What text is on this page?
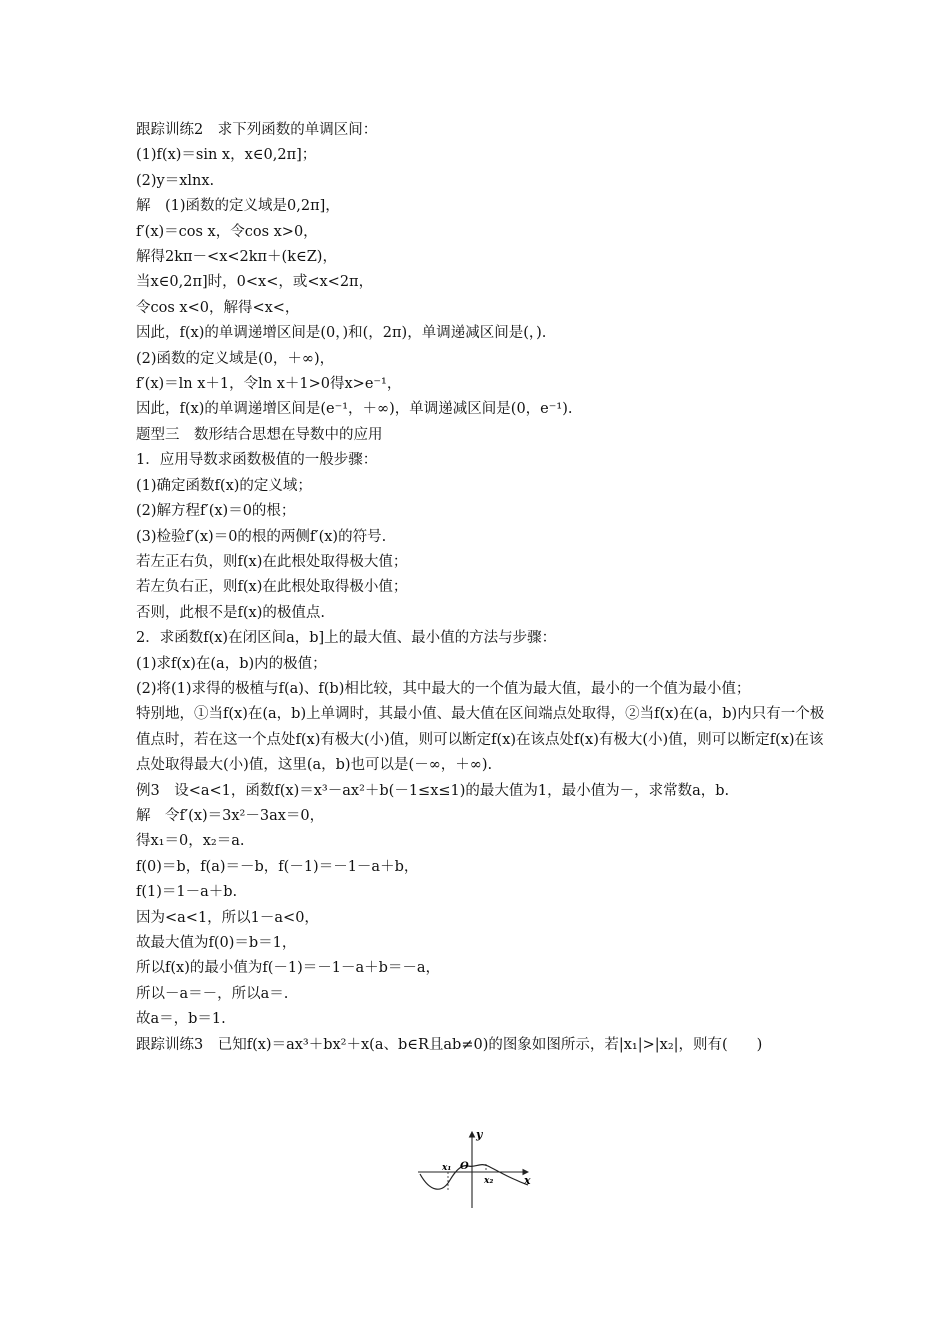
跟踪训练2　求下列函数的单调区间：
(1)f(x)＝sin x，x∈0,2π]；
(2)y＝xlnx.
解　(1)函数的定义域是0,2π]，
f′(x)＝cos x，令cos x>0，
解得2kπ－<x<2kπ＋(k∈Z)，
当x∈0,2π]时，0<x<，或<x<2π，
令cos x<0，解得<x<，
因此，f(x)的单调递增区间是(0，)和(，2π)，单调递减区间是(，).
(2)函数的定义域是(0，＋∞)，
f′(x)＝ln x＋1，令ln x＋1>0得x>e⁻¹，
因此，f(x)的单调递增区间是(e⁻¹，＋∞)，单调递减区间是(0，e⁻¹).
题型三　数形结合思想在导数中的应用
1．应用导数求函数极值的一般步骤：
(1)确定函数f(x)的定义域；
(2)解方程f′(x)＝0的根；
(3)检验f′(x)＝0的根的两侧f′(x)的符号.
若左正右负，则f(x)在此根处取得极大值；
若左负右正，则f(x)在此根处取得极小值；
否则，此根不是f(x)的极值点.
2．求函数f(x)在闭区间a，b]上的最大值、最小值的方法与步骤：
(1)求f(x)在(a，b)内的极值；
(2)将(1)求得的极植与f(a)、f(b)相比较，其中最大的一个值为最大值，最小的一个值为最小值；
特别地，①当f(x)在(a，b)上单调时，其最小值、最大值在区间端点处取得，②当f(x)在(a，b)内只有一个极值点时，若在这一个点处f(x)有极大(小)值，则可以断定f(x)在该点处f(x)有极大(小)值，则可以断定f(x)在该点处取得最大(小)值，这里(a，b)也可以是(－∞，＋∞).
例3　设<a<1，函数f(x)＝x³－ax²＋b(－1≤x≤1)的最大值为1，最小值为－，求常数a，b.
解　令f′(x)＝3x²－3ax＝0，
得x₁＝0，x₂＝a.
f(0)＝b，f(a)＝－b，f(－1)＝－1－a＋b，
f(1)＝1－a＋b.
因为<a<1，所以1－a<0，
故最大值为f(0)＝b＝1，
所以f(x)的最小值为f(－1)＝－1－a＋b＝－a，
所以－a＝－，所以a＝.
故a＝，b＝1.
跟踪训练3　已知f(x)＝ax³＋bx²＋x(a、b∈R且ab≠0)的图象如图所示，若|x₁|>|x₂|，则有(　　)
y
x
O
x₁
x₂
